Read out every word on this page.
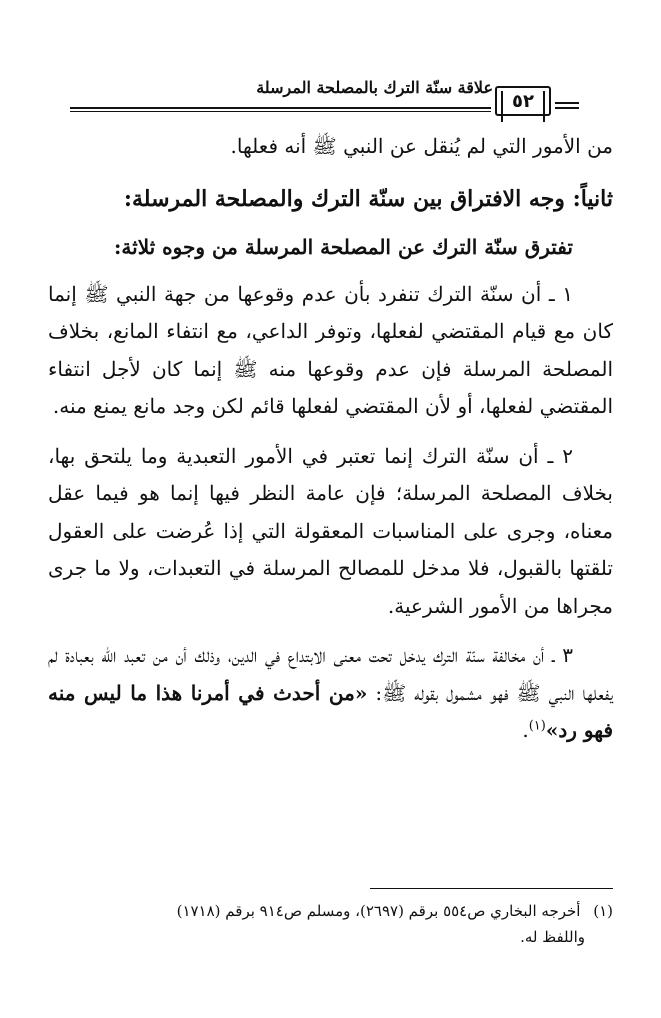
علاقة سنّة الترك بالمصلحة المرسلة
٥٢

من الأمور التي لم يُنقل عن النبي ﷺ أنه فعلها.

ثانياً: وجه الافتراق بين سنّة الترك والمصلحة المرسلة:

تفترق سنّة الترك عن المصلحة المرسلة من وجوه ثلاثة:

١ ـ أن سنّة الترك تنفرد بأن عدم وقوعها من جهة النبي ﷺ إنما كان مع قيام المقتضي لفعلها، وتوفر الداعي، مع انتفاء المانع، بخلاف المصلحة المرسلة فإن عدم وقوعها منه ﷺ إنما كان لأجل انتفاء المقتضي لفعلها، أو لأن المقتضي لفعلها قائم لكن وجد مانع يمنع منه.

٢ ـ أن سنّة الترك إنما تعتبر في الأمور التعبدية وما يلتحق بها، بخلاف المصلحة المرسلة؛ فإن عامة النظر فيها إنما هو فيما عقل معناه، وجرى على المناسبات المعقولة التي إذا عُرضت على العقول تلقتها بالقبول، فلا مدخل للمصالح المرسلة في التعبدات، ولا ما جرى مجراها من الأمور الشرعية.

٣ ـ أن مخالفة سنّة الترك يدخل تحت معنى الابتداع في الدين، وذلك أن من تعبد الله بعبادة لم يفعلها النبي ﷺ فهو مشمول بقوله ﷺ: «من أحدث في أمرنا هذا ما ليس منه فهو رد»$^{(١)}$.

(١) أخرجه البخاري ص٥٥٤ برقم (٢٦٩٧)، ومسلم ص٩١٤ برقم (١٧١٨)
واللفظ له.
